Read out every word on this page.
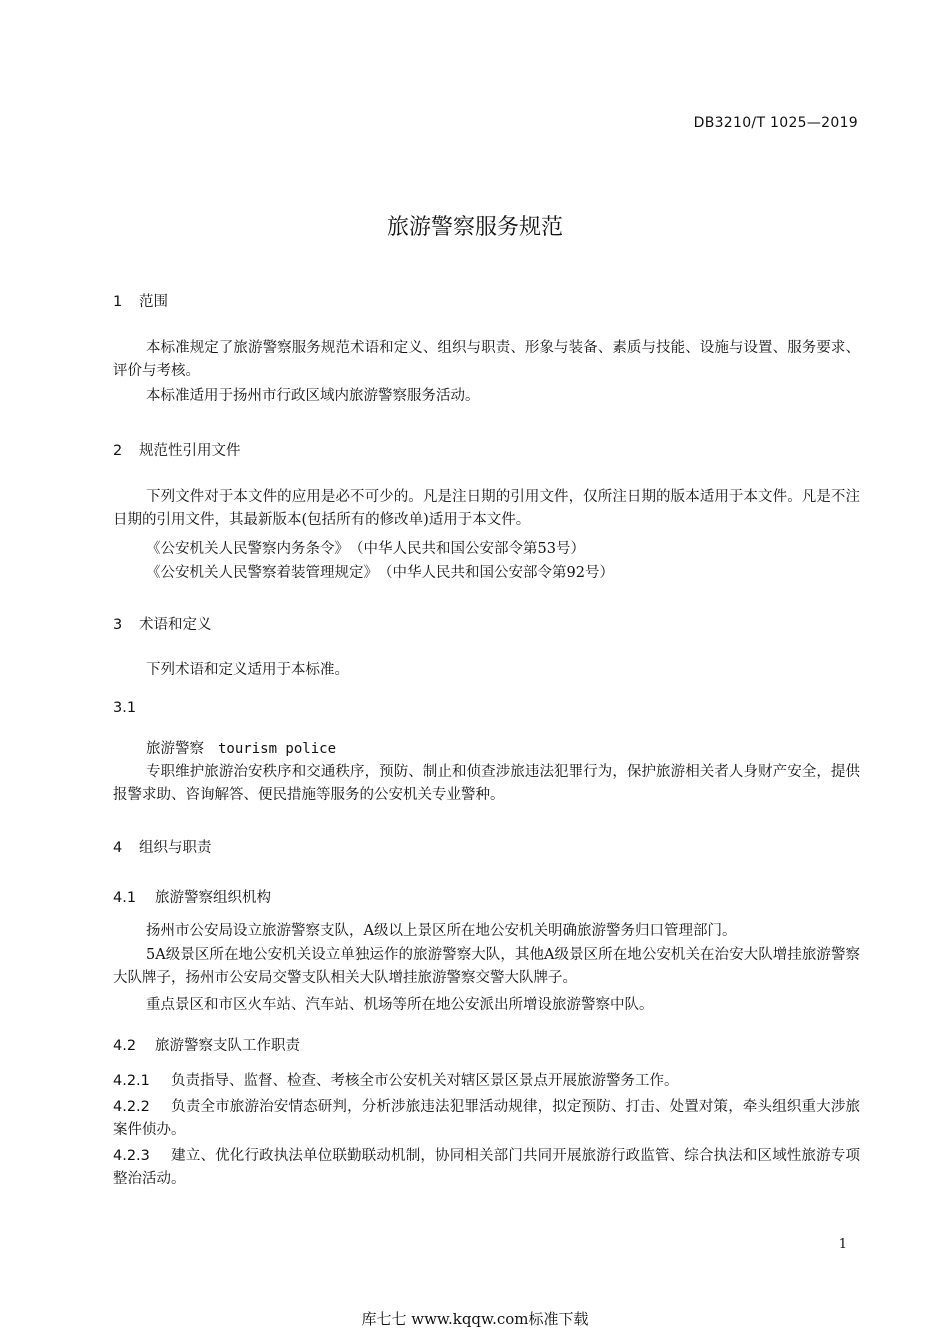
DB3210/T 1025—2019
旅游警察服务规范
1 范围
本标准规定了旅游警察服务规范术语和定义、组织与职责、形象与装备、素质与技能、设施与设置、服务要求、评价与考核。
本标准适用于扬州市行政区域内旅游警察服务活动。
2 规范性引用文件
下列文件对于本文件的应用是必不可少的。凡是注日期的引用文件，仅所注日期的版本适用于本文件。凡是不注日期的引用文件，其最新版本(包括所有的修改单)适用于本文件。
《公安机关人民警察内务条令》　（中华人民共和国公安部令第53号）
《公安机关人民警察着装管理规定》　（中华人民共和国公安部令第92号）
3 术语和定义
下列术语和定义适用于本标准。
3.1
旅游警察 tourism police
专职维护旅游治安秩序和交通秩序，预防、制止和侦查涉旅违法犯罪行为，保护旅游相关者人身财产安全，提供报警求助、咨询解答、便民措施等服务的公安机关专业警种。
4 组织与职责
4.1 旅游警察组织机构
扬州市公安局设立旅游警察支队，A级以上景区所在地公安机关明确旅游警务归口管理部门。
5A级景区所在地公安机关设立单独运作的旅游警察大队，其他A级景区所在地公安机关在治安大队增挂旅游警察大队牌子，扬州市公安局交警支队相关大队增挂旅游警察交警大队牌子。
重点景区和市区火车站、汽车站、机场等所在地公安派出所增设旅游警察中队。
4.2 旅游警察支队工作职责
4.2.1 负责指导、监督、检查、考核全市公安机关对辖区景区景点开展旅游警务工作。
4.2.2 负责全市旅游治安情态研判，分析涉旅违法犯罪活动规律，拟定预防、打击、处置对策，牵头组织重大涉旅案件侦办。
4.2.3 建立、优化行政执法单位联勤联动机制，协同相关部门共同开展旅游行政监管、综合执法和区域性旅游专项整治活动。
1
库七七 www.kqqw.com标准下载
